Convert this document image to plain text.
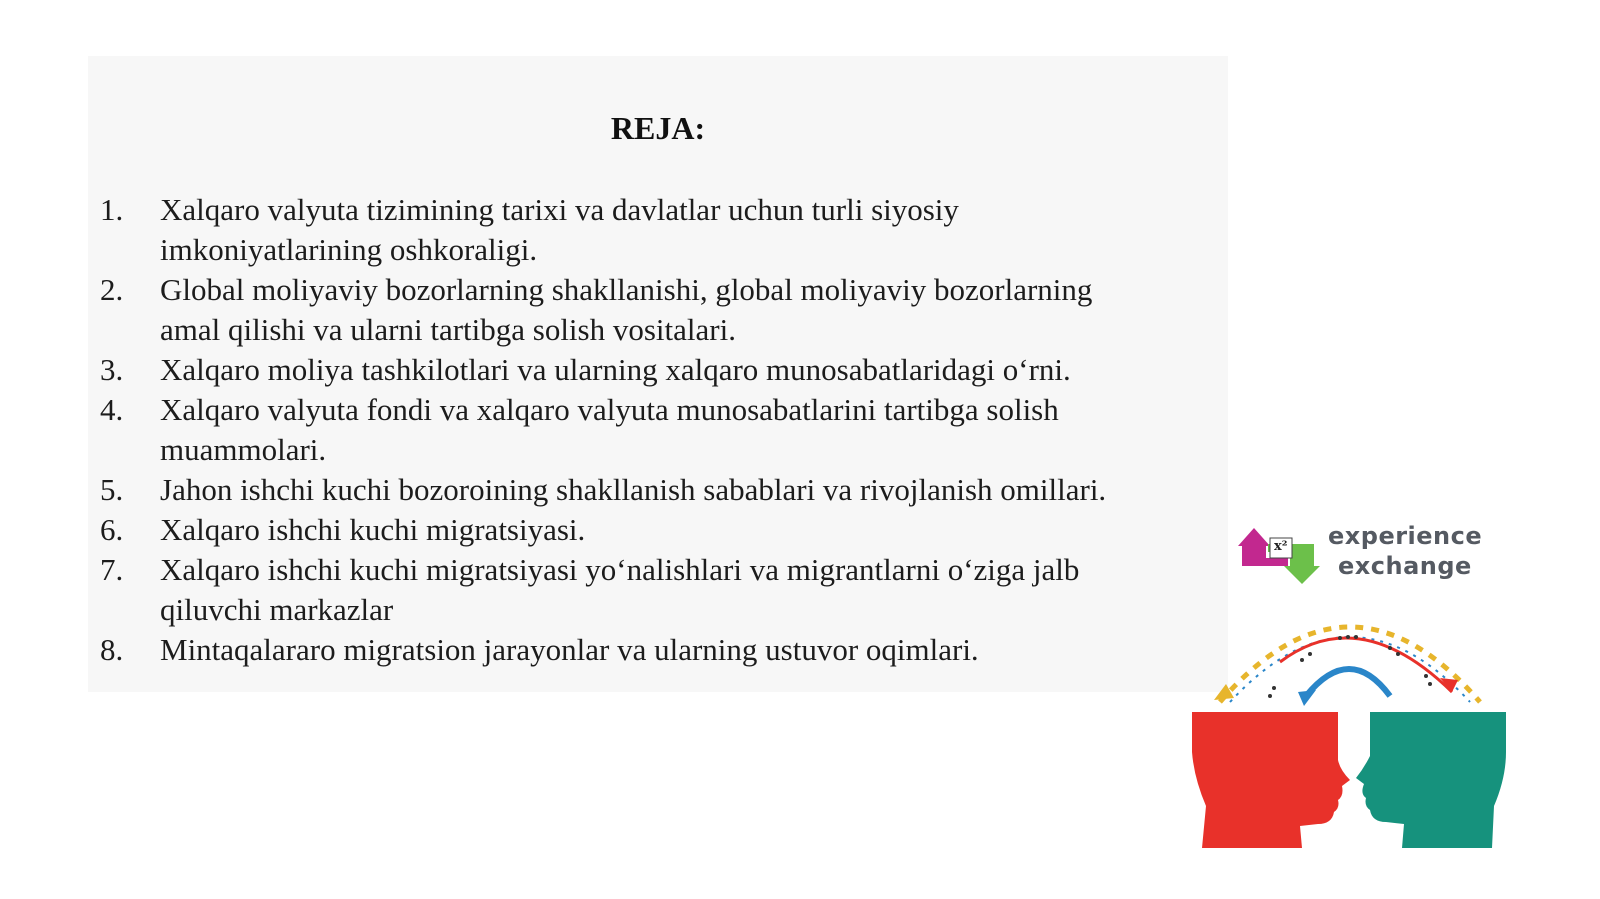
REJA:
1.	Xalqaro valyuta tizimining tarixi va davlatlar uchun turli siyosiy
imkoniyatlarining oshkoraligi.
2.	Global moliyaviy bozorlarning shakllanishi, global moliyaviy bozorlarning
amal qilishi va ularni tartibga solish vositalari.
3.	Xalqaro moliya tashkilotlari va ularning xalqaro munosabatlaridagi o‘rni.
4.	Xalqaro valyuta fondi va xalqaro valyuta munosabatlarini tartibga solish
muammolari.
5.	Jahon ishchi kuchi bozoroining shakllanish sabablari va rivojlanish omillari.
6.	Xalqaro ishchi kuchi migratsiyasi.
7.	Xalqaro ishchi kuchi migratsiyasi yo‘nalishlari va migrantlarni o‘ziga jalb
qiluvchi markazlar
8.	Mintaqalararo migratsion jarayonlar va ularning ustuvor oqimlari.
x² experience
exchange
